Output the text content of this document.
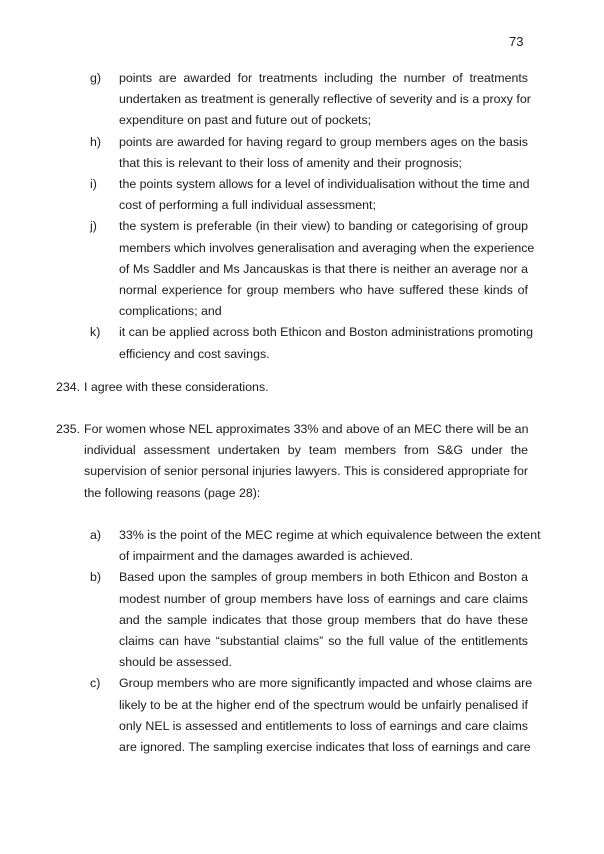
73
g) points are awarded for treatments including the number of treatments
undertaken as treatment is generally reflective of severity and is a proxy for
expenditure on past and future out of pockets;
h) points are awarded for having regard to group members ages on the basis
that this is relevant to their loss of amenity and their prognosis;
i) the points system allows for a level of individualisation without the time and
cost of performing a full individual assessment;
j) the system is preferable (in their view) to banding or categorising of group
members which involves generalisation and averaging when the experience
of Ms Saddler and Ms Jancauskas is that there is neither an average nor a
normal experience for group members who have suffered these kinds of
complications; and
k) it can be applied across both Ethicon and Boston administrations promoting
efficiency and cost savings.
234. I agree with these considerations.
235. For women whose NEL approximates 33% and above of an MEC there will be an
individual assessment undertaken by team members from S&G under the
supervision of senior personal injuries lawyers. This is considered appropriate for
the following reasons (page 28):
a) 33% is the point of the MEC regime at which equivalence between the extent
of impairment and the damages awarded is achieved.
b) Based upon the samples of group members in both Ethicon and Boston a
modest number of group members have loss of earnings and care claims
and the sample indicates that those group members that do have these
claims can have “substantial claims” so the full value of the entitlements
should be assessed.
c) Group members who are more significantly impacted and whose claims are
likely to be at the higher end of the spectrum would be unfairly penalised if
only NEL is assessed and entitlements to loss of earnings and care claims
are ignored. The sampling exercise indicates that loss of earnings and care
